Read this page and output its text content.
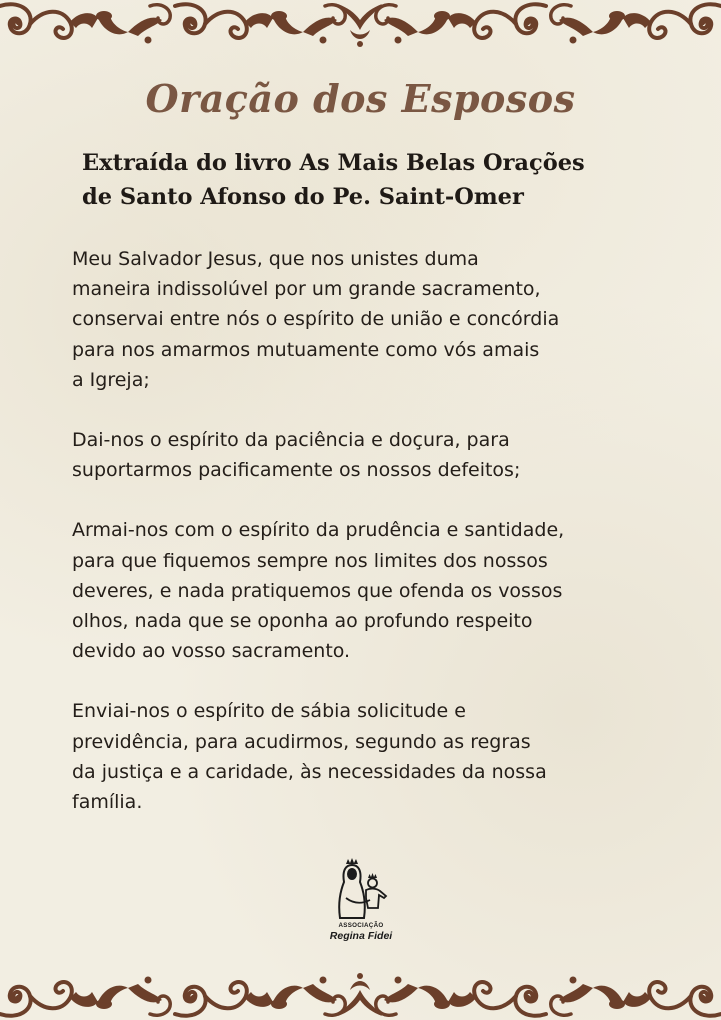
Oração dos Esposos
Extraída do livro As Mais Belas Orações
de Santo Afonso do Pe. Saint-Omer

Meu Salvador Jesus, que nos unistes duma
maneira indissolúvel por um grande sacramento,
conservai entre nós o espírito de união e concórdia
para nos amarmos mutuamente como vós amais
a Igreja;

Dai-nos o espírito da paciência e doçura, para
suportarmos pacificamente os nossos defeitos;

Armai-nos com o espírito da prudência e santidade,
para que fiquemos sempre nos limites dos nossos
deveres, e nada pratiquemos que ofenda os vossos
olhos, nada que se oponha ao profundo respeito
devido ao vosso sacramento.

Enviai-nos o espírito de sábia solicitude e
previdência, para acudirmos, segundo as regras
da justiça e a caridade, às necessidades da nossa
família.

ASSOCIAÇÃO
Regina Fidei
